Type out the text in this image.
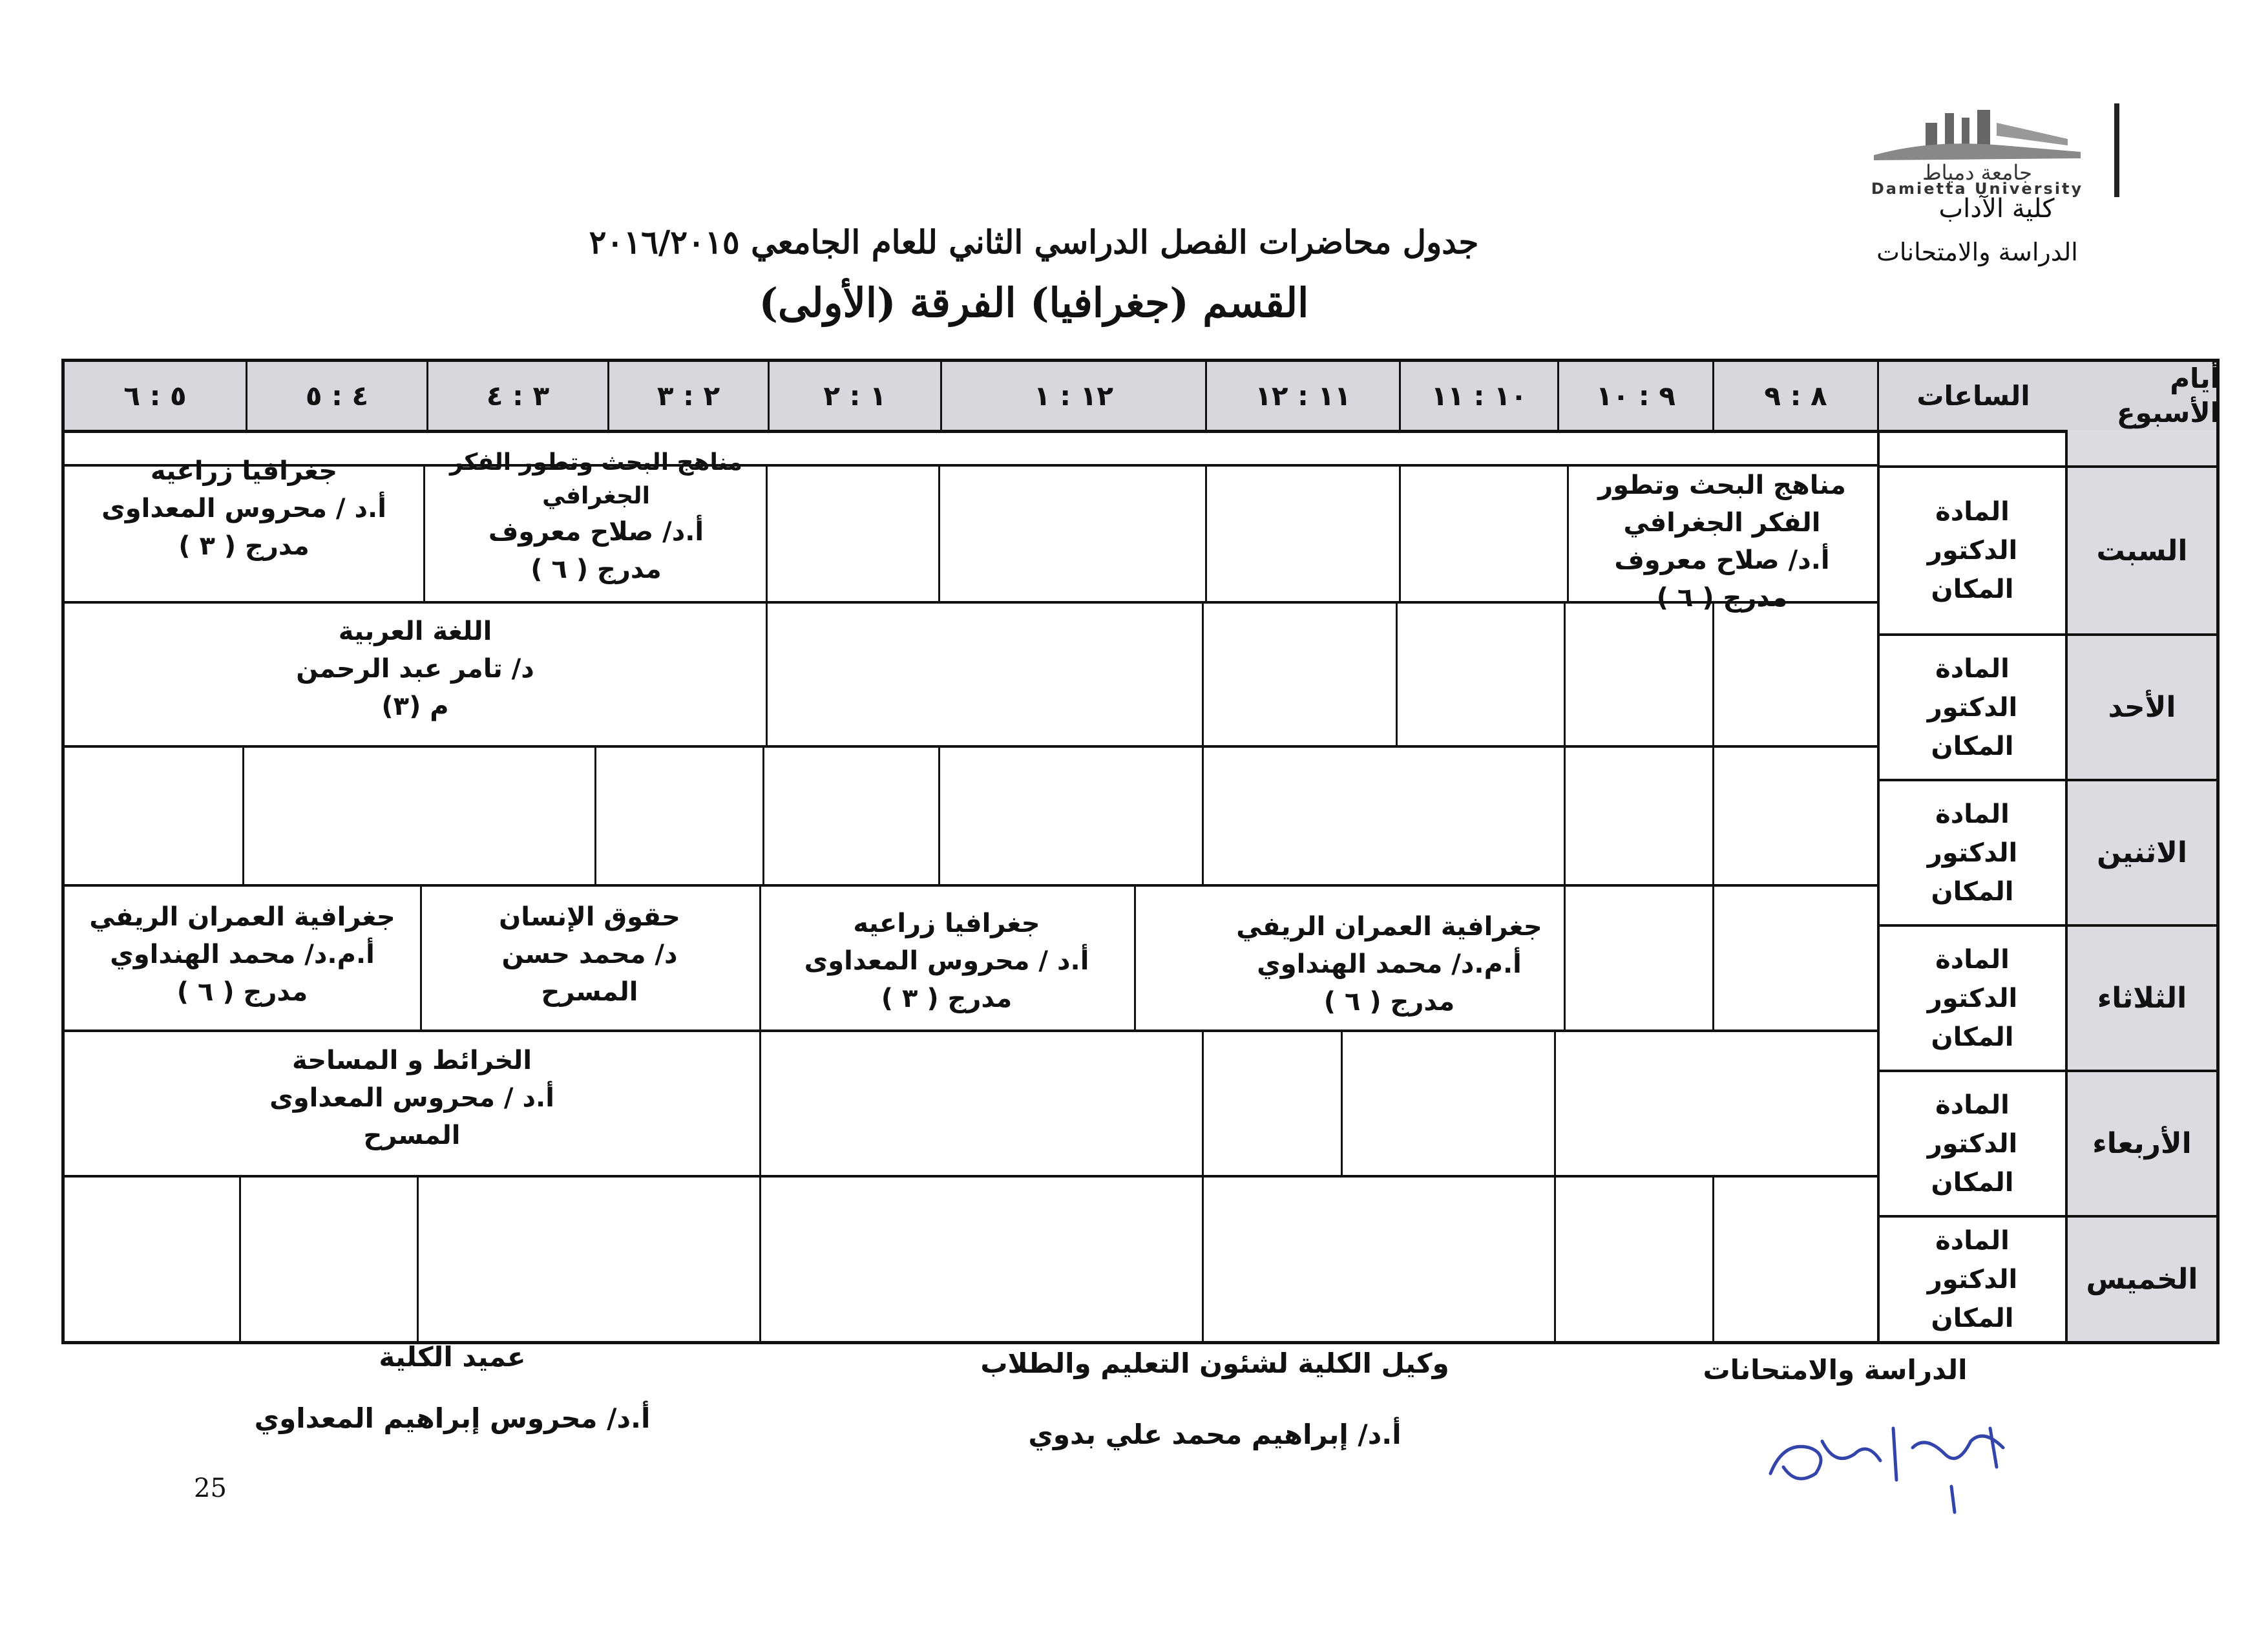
جامعة دمياط
Damietta University
كلية الآداب
الدراسة والامتحانات
جدول محاضرات الفصل الدراسي الثاني للعام الجامعي ٢٠١٦/٢٠١٥
القسم (جغرافيا) الفرقة (الأولى)
أيام الأسبوع
الساعات
٨ : ٩
٩ : ١٠
١٠ : ١١
١١ : ١٢
١٢ : ١
١ : ٢
٢ : ٣
٣ : ٤
٤ : ٥
٥ : ٦
السبت
الأحد
الاثنين
الثلاثاء
الأربعاء
الخميس
المادة
الدكتور
المكان
المادة
الدكتور
المكان
المادة
الدكتور
المكان
المادة
الدكتور
المكان
المادة
الدكتور
المكان
المادة
الدكتور
المكان
مناهج البحث وتطور الفكر الجغرافي
أ.د/ صلاح معروف
مدرج ( ٦ )
مناهج البحث وتطور الفكر الجغرافي
أ.د/ صلاح معروف
مدرج ( ٦ )
جغرافيا زراعيه
أ.د / محروس المعداوى
مدرج ( ٣ )
اللغة العربية
د/ تامر عبد الرحمن
م (٣)
جغرافية العمران الريفي
أ.م.د/ محمد الهنداوي
مدرج ( ٦ )
حقوق الإنسان
د/ محمد حسن
المسرح
جغرافيا زراعيه
أ.د / محروس المعداوى
مدرج ( ٣ )
جغرافية العمران الريفي
أ.م.د/ محمد الهنداوي
مدرج ( ٦ )
الخرائط و المساحة
أ.د / محروس المعداوى
المسرح
الدراسة والامتحانات
وكيل الكلية لشئون التعليم والطلاب
أ.د/ إبراهيم محمد علي بدوي
عميد الكلية
أ.د/ محروس إبراهيم المعداوي
25
